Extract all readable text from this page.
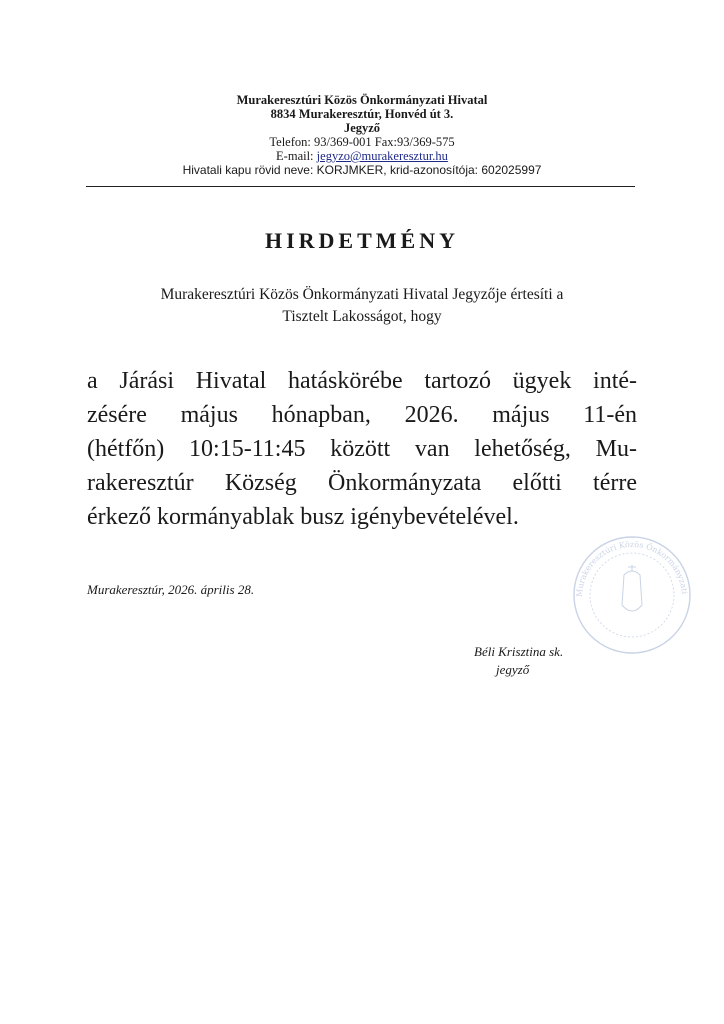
Murakeresztúri Közös Önkormányzati Hivatal
8834 Murakeresztúr, Honvéd út 3.
Jegyző
Telefon: 93/369-001 Fax:93/369-575
E-mail: jegyzo@murakeresztur.hu
Hivatali kapu rövid neve: KORJMKER, krid-azonosítója: 602025997
HIRDETMÉNY
Murakeresztúri Közös Önkormányzati Hivatal Jegyzője értesíti a
Tisztelt Lakosságot, hogy
a Járási Hivatal hatáskörébe tartozó ügyek inté-
zésére május hónapban, 2026. május 11-én
(hétfőn) 10:15-11:45 között van lehetőség, Mu-
rakeresztúr Község Önkormányzata előtti térre
érkező kormányablak busz igénybevételével.
Murakeresztúr, 2026. április 28.	Murakeresztúri Közös Önkormányzati
Béli Krisztina sk.
jegyző
